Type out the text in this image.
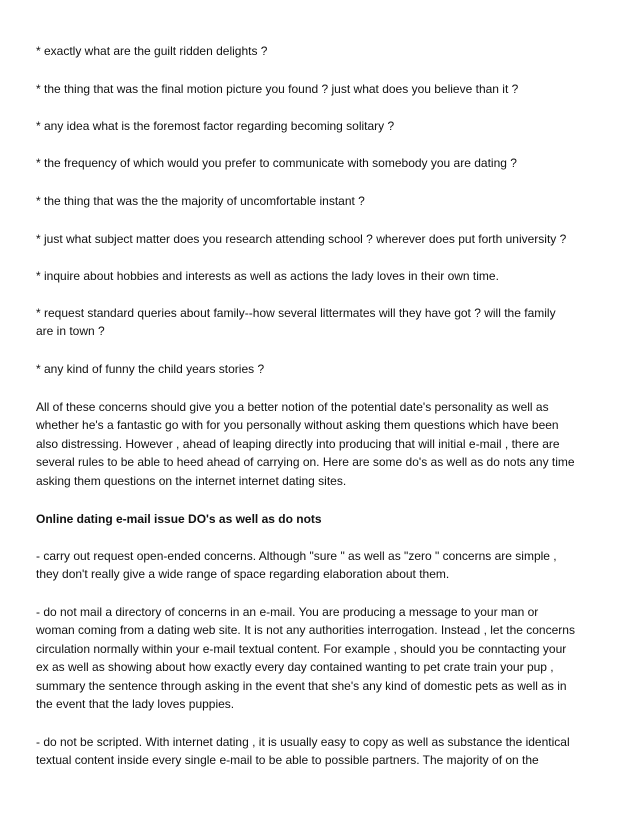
* exactly what are the guilt ridden delights ?
* the thing that was the final motion picture you found ? just what does you believe than it ?
* any idea what is the foremost factor regarding becoming solitary ?
* the frequency of which would you prefer to communicate with somebody you are dating ?
* the thing that was the the majority of uncomfortable instant ?
* just what subject matter does you research attending school ? wherever does put forth university ?
* inquire about hobbies and interests as well as actions the lady loves in their own time.
* request standard queries about family--how several littermates will they have got ? will the family
are in town ?
* any kind of funny the child years stories ?
All of these concerns should give you a better notion of the potential date's personality as well as
whether he's a fantastic go with for you personally without asking them questions which have been
also distressing. However , ahead of leaping directly into producing that will initial e-mail , there are
several rules to be able to heed ahead of carrying on. Here are some do's as well as do nots any time
asking them questions on the internet internet dating sites.
Online dating e-mail issue DO's as well as do nots
- carry out request open-ended concerns. Although "sure " as well as "zero " concerns are simple ,
they don't really give a wide range of space regarding elaboration about them.
- do not mail a directory of concerns in an e-mail. You are producing a message to your man or
woman coming from a dating web site. It is not any authorities interrogation. Instead , let the concerns
circulation normally within your e-mail textual content. For example , should you be conntacting your
ex as well as showing about how exactly every day contained wanting to pet crate train your pup ,
summary the sentence through asking in the event that she's any kind of domestic pets as well as in
the event that the lady loves puppies.
- do not be scripted. With internet dating , it is usually easy to copy as well as substance the identical
textual content inside every single e-mail to be able to possible partners. The majority of on the
